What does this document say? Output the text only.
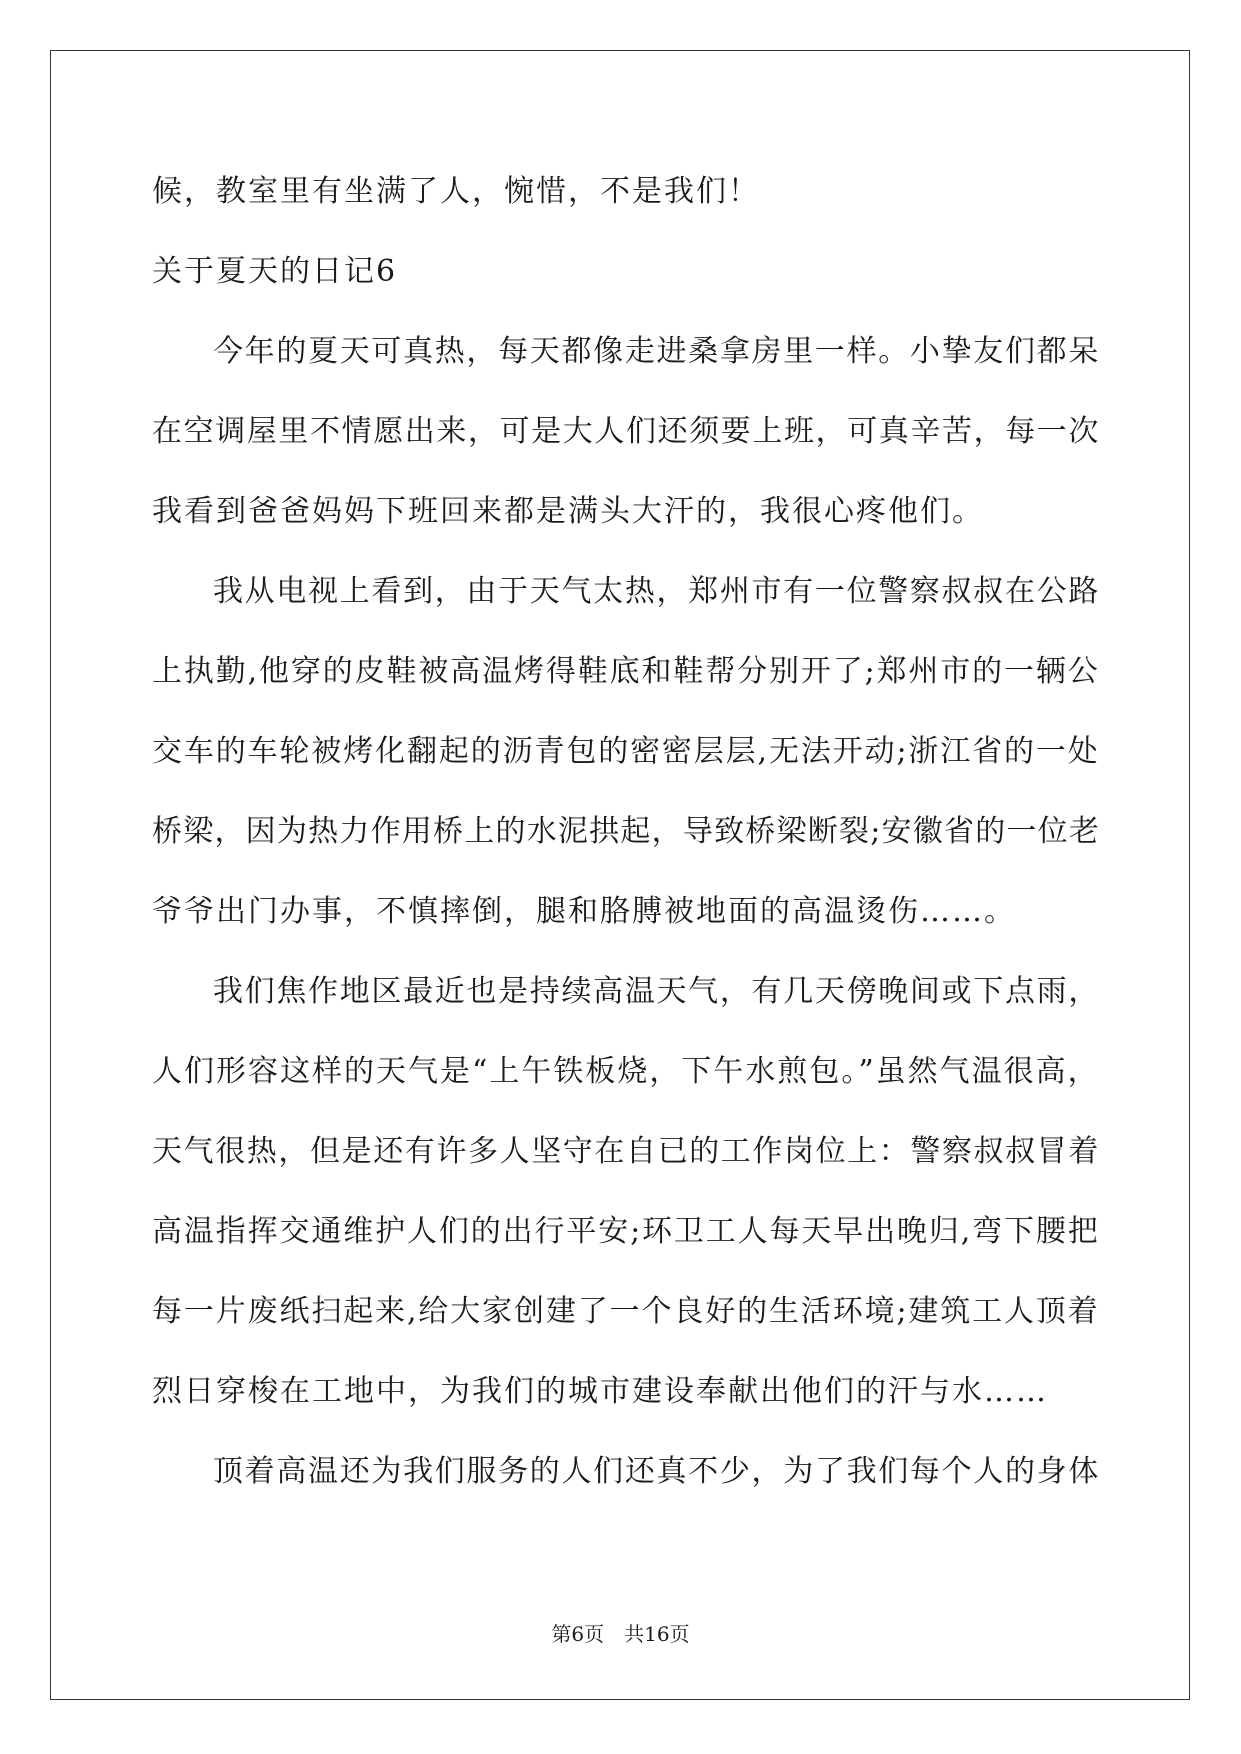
候，教室里有坐满了人，惋惜，不是我们！
关于夏天的日记6
今年的夏天可真热，每天都像走进桑拿房里一样。小挚友们都呆
在空调屋里不情愿出来，可是大人们还须要上班，可真辛苦，每一次
我看到爸爸妈妈下班回来都是满头大汗的，我很心疼他们。
我从电视上看到，由于天气太热，郑州市有一位警察叔叔在公路
上执勤,他穿的皮鞋被高温烤得鞋底和鞋帮分别开了;郑州市的一辆公
交车的车轮被烤化翻起的沥青包的密密层层,无法开动;浙江省的一处
桥梁，因为热力作用桥上的水泥拱起，导致桥梁断裂;安徽省的一位老
爷爷出门办事，不慎摔倒，腿和胳膊被地面的高温烫伤……。
我们焦作地区最近也是持续高温天气，有几天傍晚间或下点雨，
人们形容这样的天气是“上午铁板烧，下午水煎包。”虽然气温很高，
天气很热，但是还有许多人坚守在自已的工作岗位上：警察叔叔冒着
高温指挥交通维护人们的出行平安;环卫工人每天早出晚归,弯下腰把
每一片废纸扫起来,给大家创建了一个良好的生活环境;建筑工人顶着
烈日穿梭在工地中，为我们的城市建设奉献出他们的汗与水……
顶着高温还为我们服务的人们还真不少，为了我们每个人的身体
第6页　共16页
